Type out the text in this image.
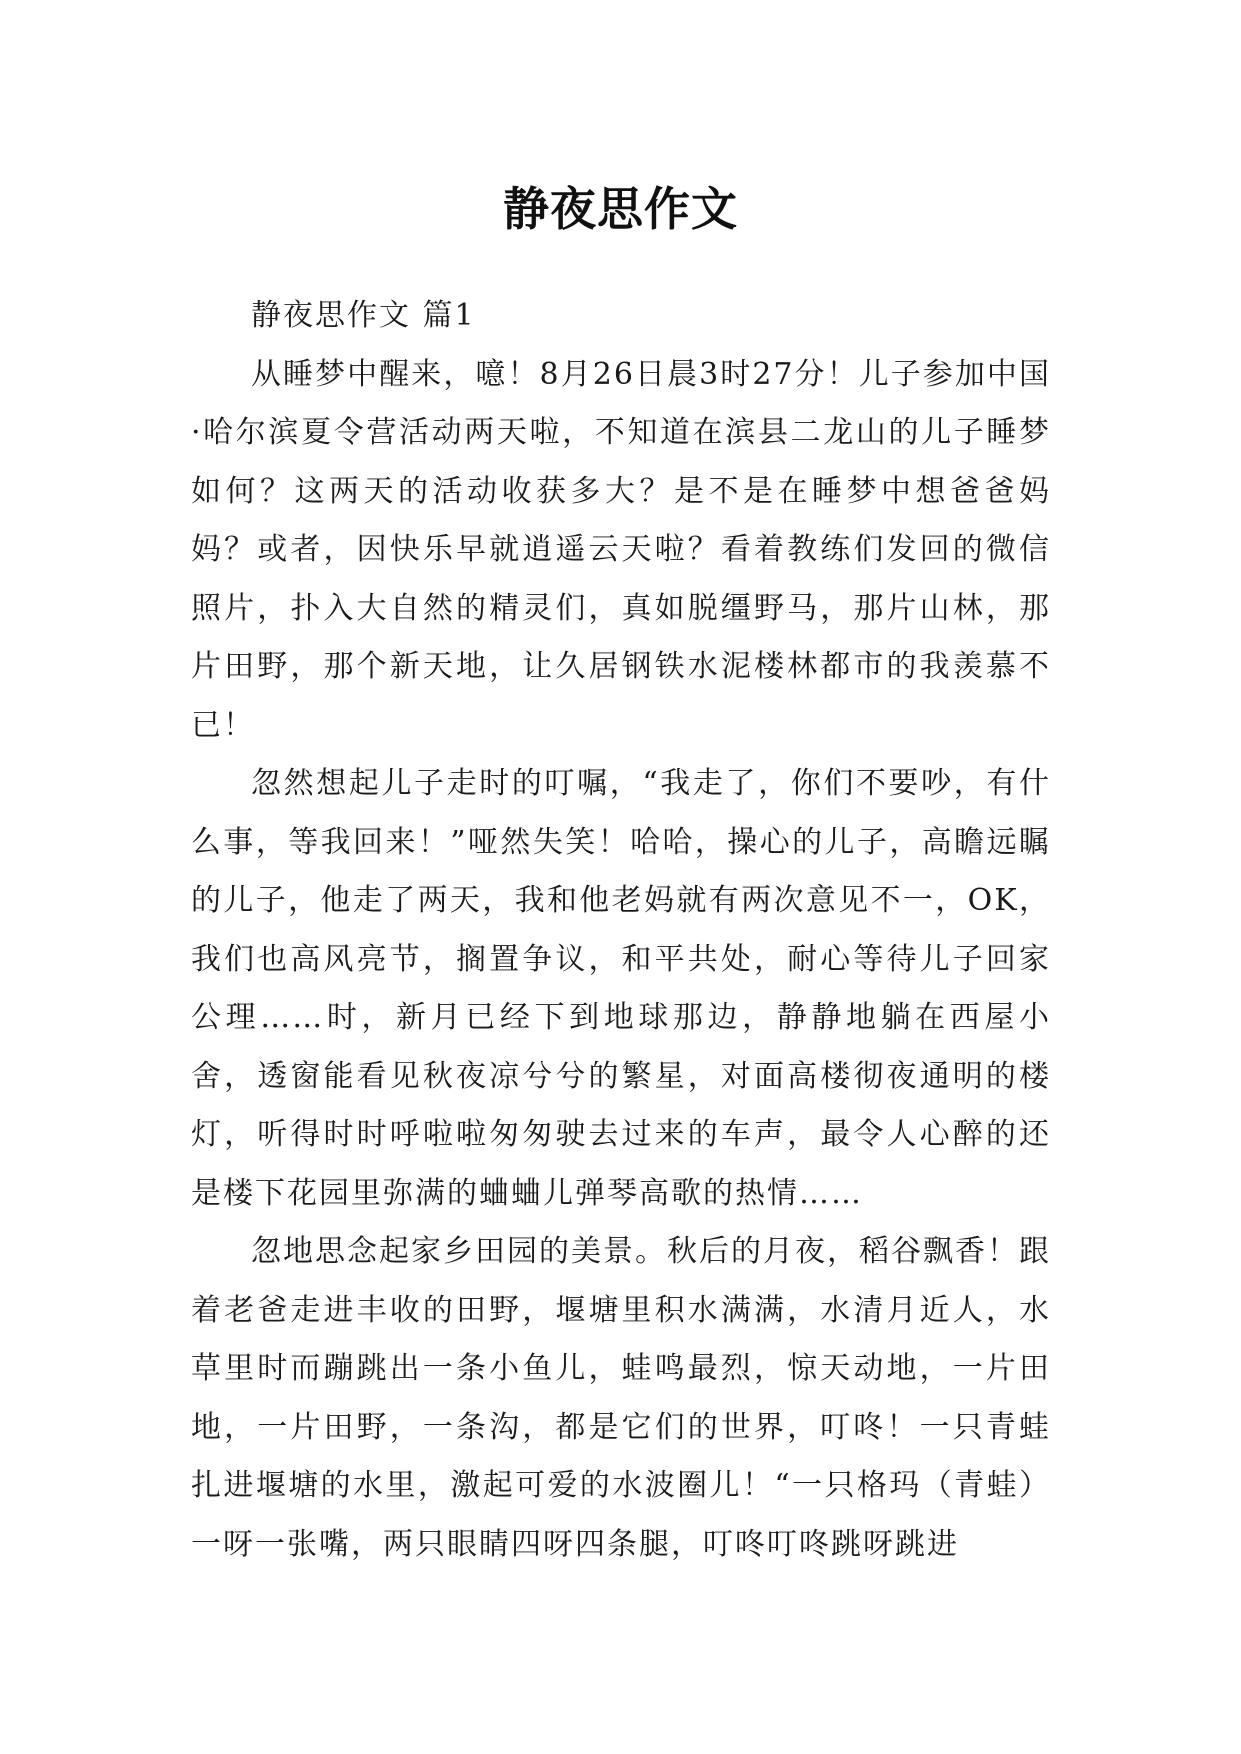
静夜思作文

静夜思作文 篇1

从睡梦中醒来，噫！8月26日晨3时27分！儿子参加中国·哈尔滨夏令营活动两天啦，不知道在滨县二龙山的儿子睡梦如何？这两天的活动收获多大？是不是在睡梦中想爸爸妈妈？或者，因快乐早就逍遥云天啦？看着教练们发回的微信照片，扑入大自然的精灵们，真如脱缰野马，那片山林，那片田野，那个新天地，让久居钢铁水泥楼林都市的我羡慕不已！

忽然想起儿子走时的叮嘱，“我走了，你们不要吵，有什么事，等我回来！”哑然失笑！哈哈，操心的儿子，高瞻远瞩的儿子，他走了两天，我和他老妈就有两次意见不一，OK，我们也高风亮节，搁置争议，和平共处，耐心等待儿子回家公理……时，新月已经下到地球那边，静静地躺在西屋小舍，透窗能看见秋夜凉兮兮的繁星，对面高楼彻夜通明的楼灯，听得时时呼啦啦匆匆驶去过来的车声，最令人心醉的还是楼下花园里弥满的蛐蛐儿弹琴高歌的热情……

忽地思念起家乡田园的美景。秋后的月夜，稻谷飘香！跟着老爸走进丰收的田野，堰塘里积水满满，水清月近人，水草里时而蹦跳出一条小鱼儿，蛙鸣最烈，惊天动地，一片田地，一片田野，一条沟，都是它们的世界，叮咚！一只青蛙扎进堰塘的水里，激起可爱的水波圈儿！“一只格玛（青蛙）一呀一张嘴，两只眼睛四呀四条腿，叮咚叮咚跳呀跳进
